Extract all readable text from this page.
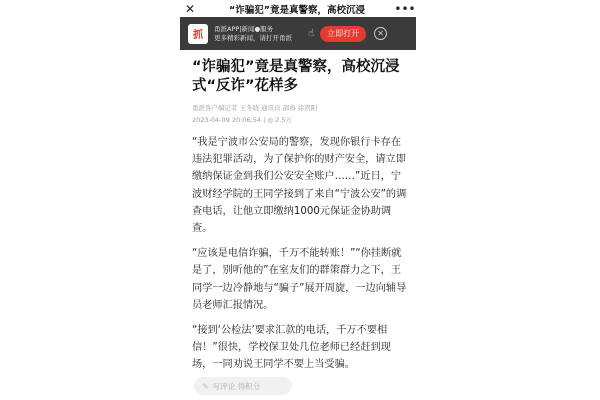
✕	“诈骗犯”竟是真警察，高校沉浸	•••
抓
甬派APP|新闻●服务
更多精彩新闻，请打开甬派	☝	立即打开	✕
“诈骗犯”竟是真警察，高校沉浸式“反诈”花样多
甬派客户端记者 王冬晓 通讯员 邵将 徐凯阳
2023-04-09 20:06:54 | ◎ 2.5万

“我是宁波市公安局的警察，发现你银行卡存在违法犯罪活动，为了保护你的财产安全，请立即缴纳保证金到我们公安安全账户……”近日，宁波财经学院的王同学接到了来自“宁波公安”的调查电话，让他立即缴纳1000元保证金协助调查。

“应该是电信诈骗，千万不能转账！”“你挂断就是了，别听他的”在室友们的群策群力之下，王同学一边冷静地与“骗子”展开周旋，一边向辅导员老师汇报情况。

“接到‘公检法’要求汇款的电话，千万不要相信！”很快，学校保卫处几位老师已经赶到现场，一同劝说王同学不要上当受骗。

✎ 写评论 得积分
